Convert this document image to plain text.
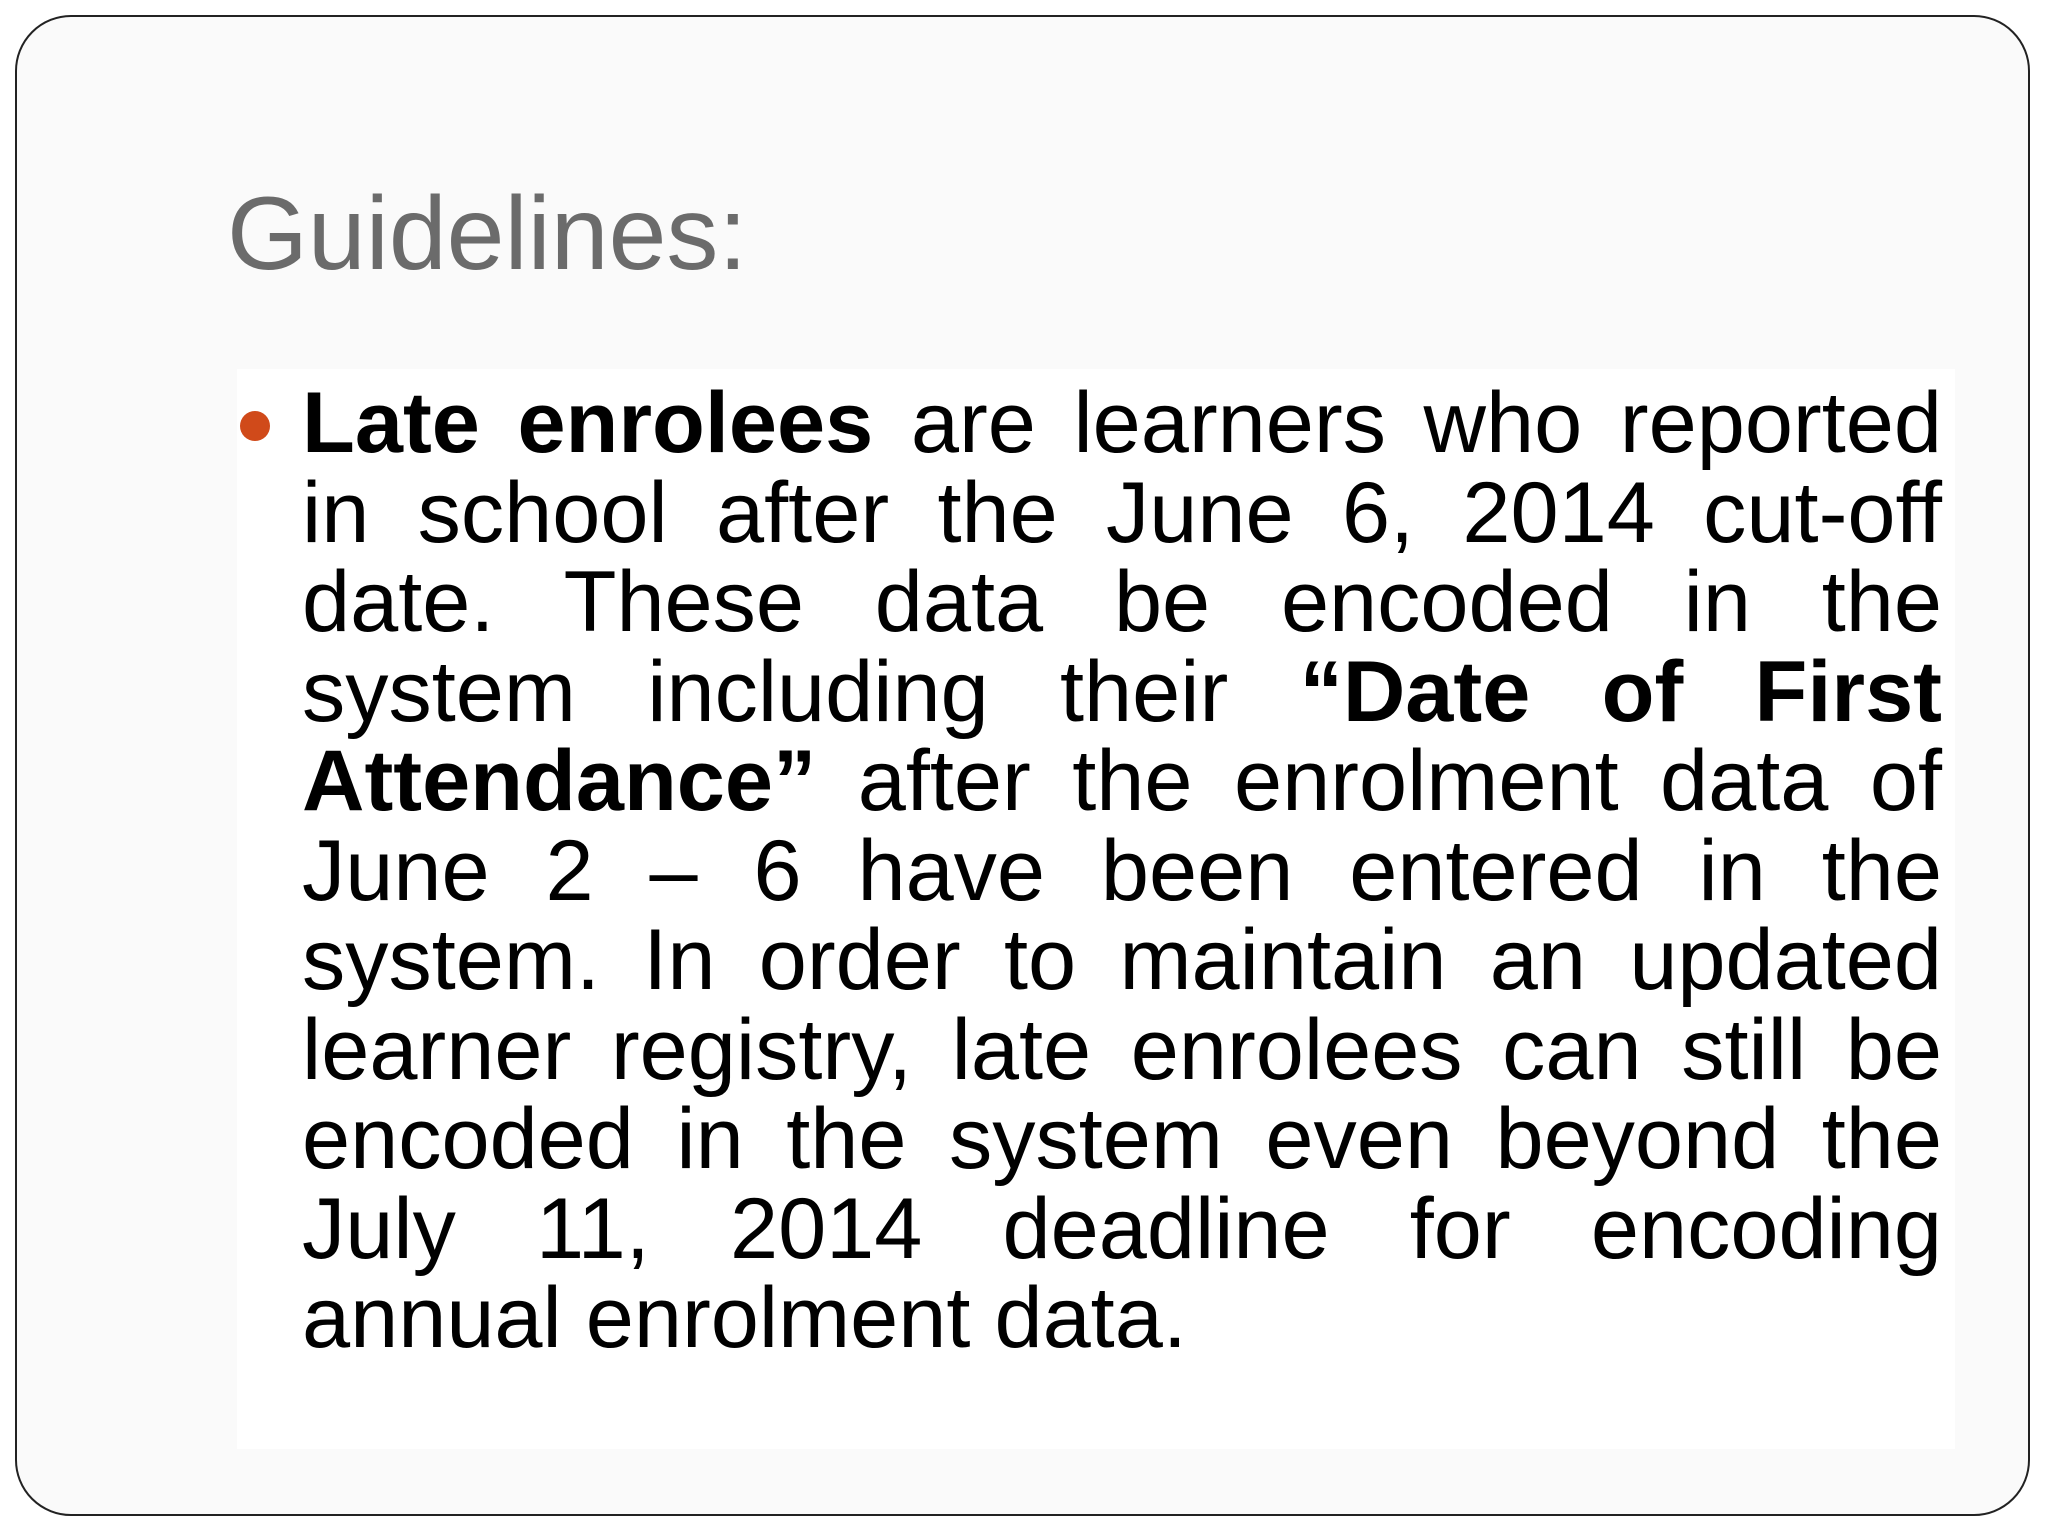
Guidelines:

Late enrolees are learners who reported in school after the June 6, 2014 cut-off date. These data be encoded in the system including their “Date of First Attendance” after the enrolment data of June 2 – 6 have been entered in the system. In order to maintain an updated learner registry, late enrolees can still be encoded in the system even beyond the July 11, 2014 deadline for encoding annual enrolment data.
